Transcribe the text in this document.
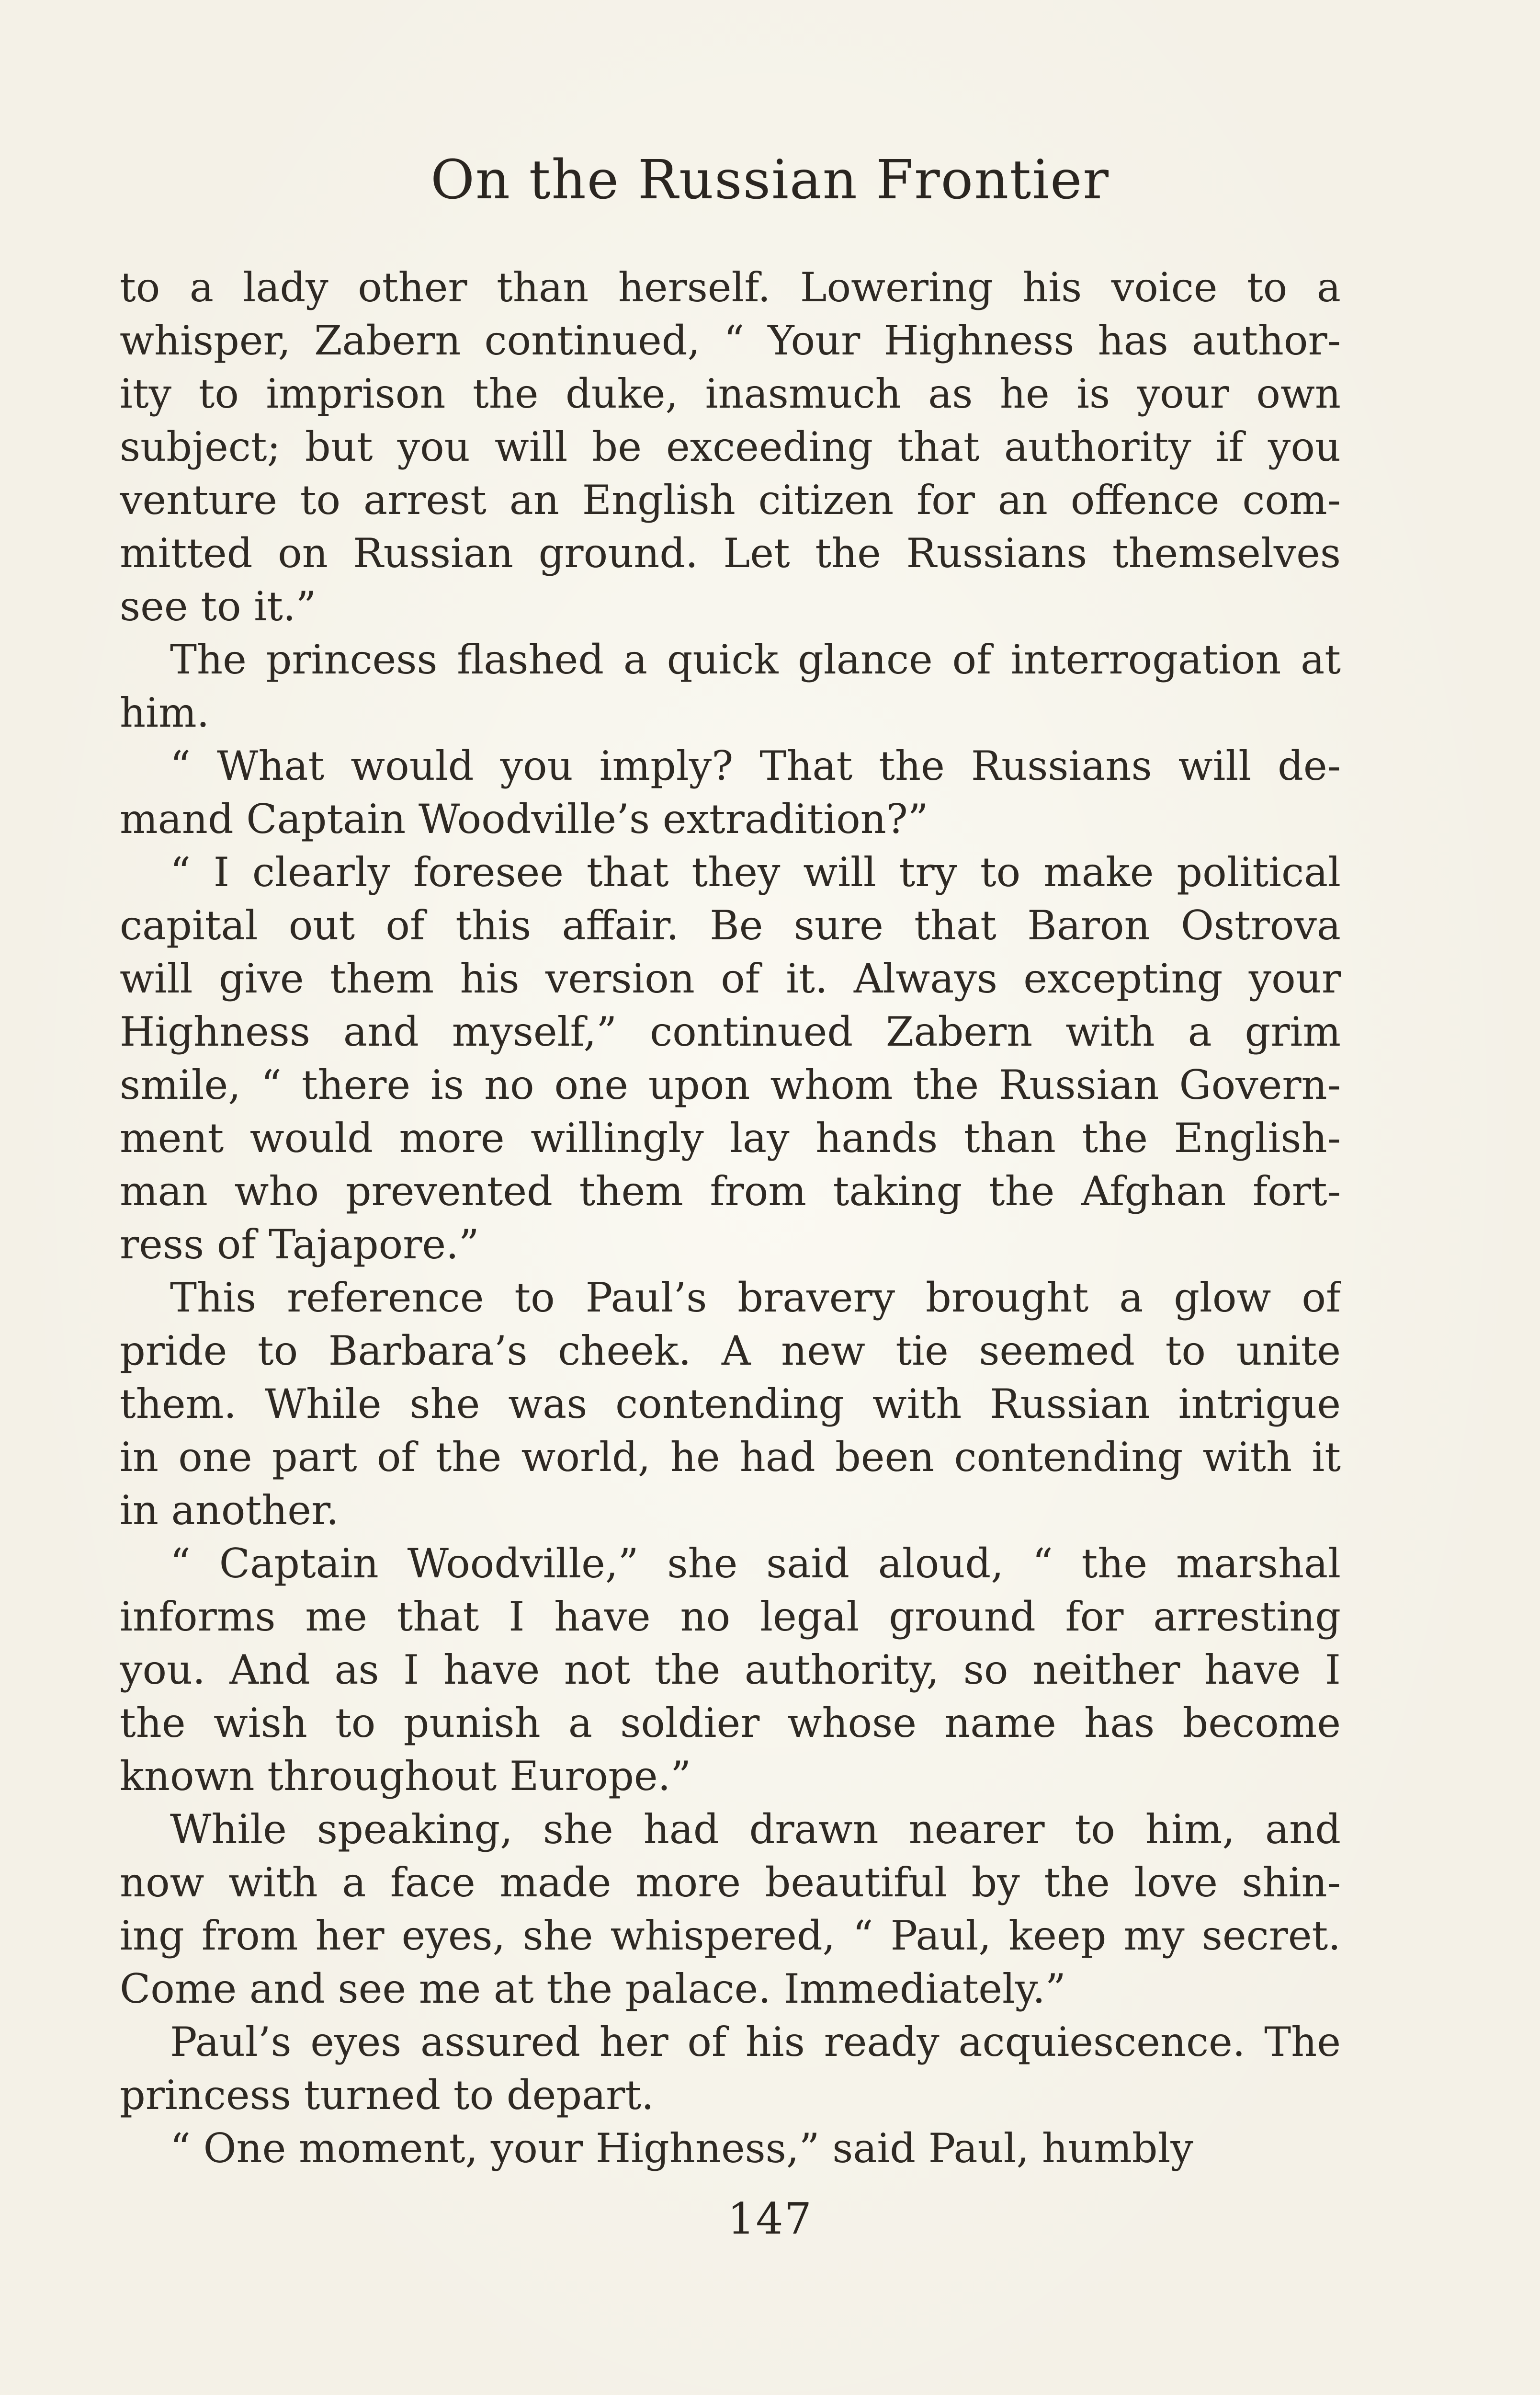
On the Russian Frontier
to a lady other than herself. Lowering his voice to a
whisper, Zabern continued, “ Your Highness has author-
ity to imprison the duke, inasmuch as he is your own
subject; but you will be exceeding that authority if you
venture to arrest an English citizen for an offence com-
mitted on Russian ground. Let the Russians themselves
see to it.”
The princess flashed a quick glance of interrogation at
him.
“ What would you imply? That the Russians will de-
mand Captain Woodville’s extradition?”
“ I clearly foresee that they will try to make political
capital out of this affair. Be sure that Baron Ostrova
will give them his version of it. Always excepting your
Highness and myself,” continued Zabern with a grim
smile, “ there is no one upon whom the Russian Govern-
ment would more willingly lay hands than the English-
man who prevented them from taking the Afghan fort-
ress of Tajapore.”
This reference to Paul’s bravery brought a glow of
pride to Barbara’s cheek. A new tie seemed to unite
them. While she was contending with Russian intrigue
in one part of the world, he had been contending with it
in another.
“ Captain Woodville,” she said aloud, “ the marshal
informs me that I have no legal ground for arresting
you. And as I have not the authority, so neither have I
the wish to punish a soldier whose name has become
known throughout Europe.”
While speaking, she had drawn nearer to him, and
now with a face made more beautiful by the love shin-
ing from her eyes, she whispered, “ Paul, keep my secret.
Come and see me at the palace. Immediately.”
Paul’s eyes assured her of his ready acquiescence. The
princess turned to depart.
“ One moment, your Highness,” said Paul, humbly
147
